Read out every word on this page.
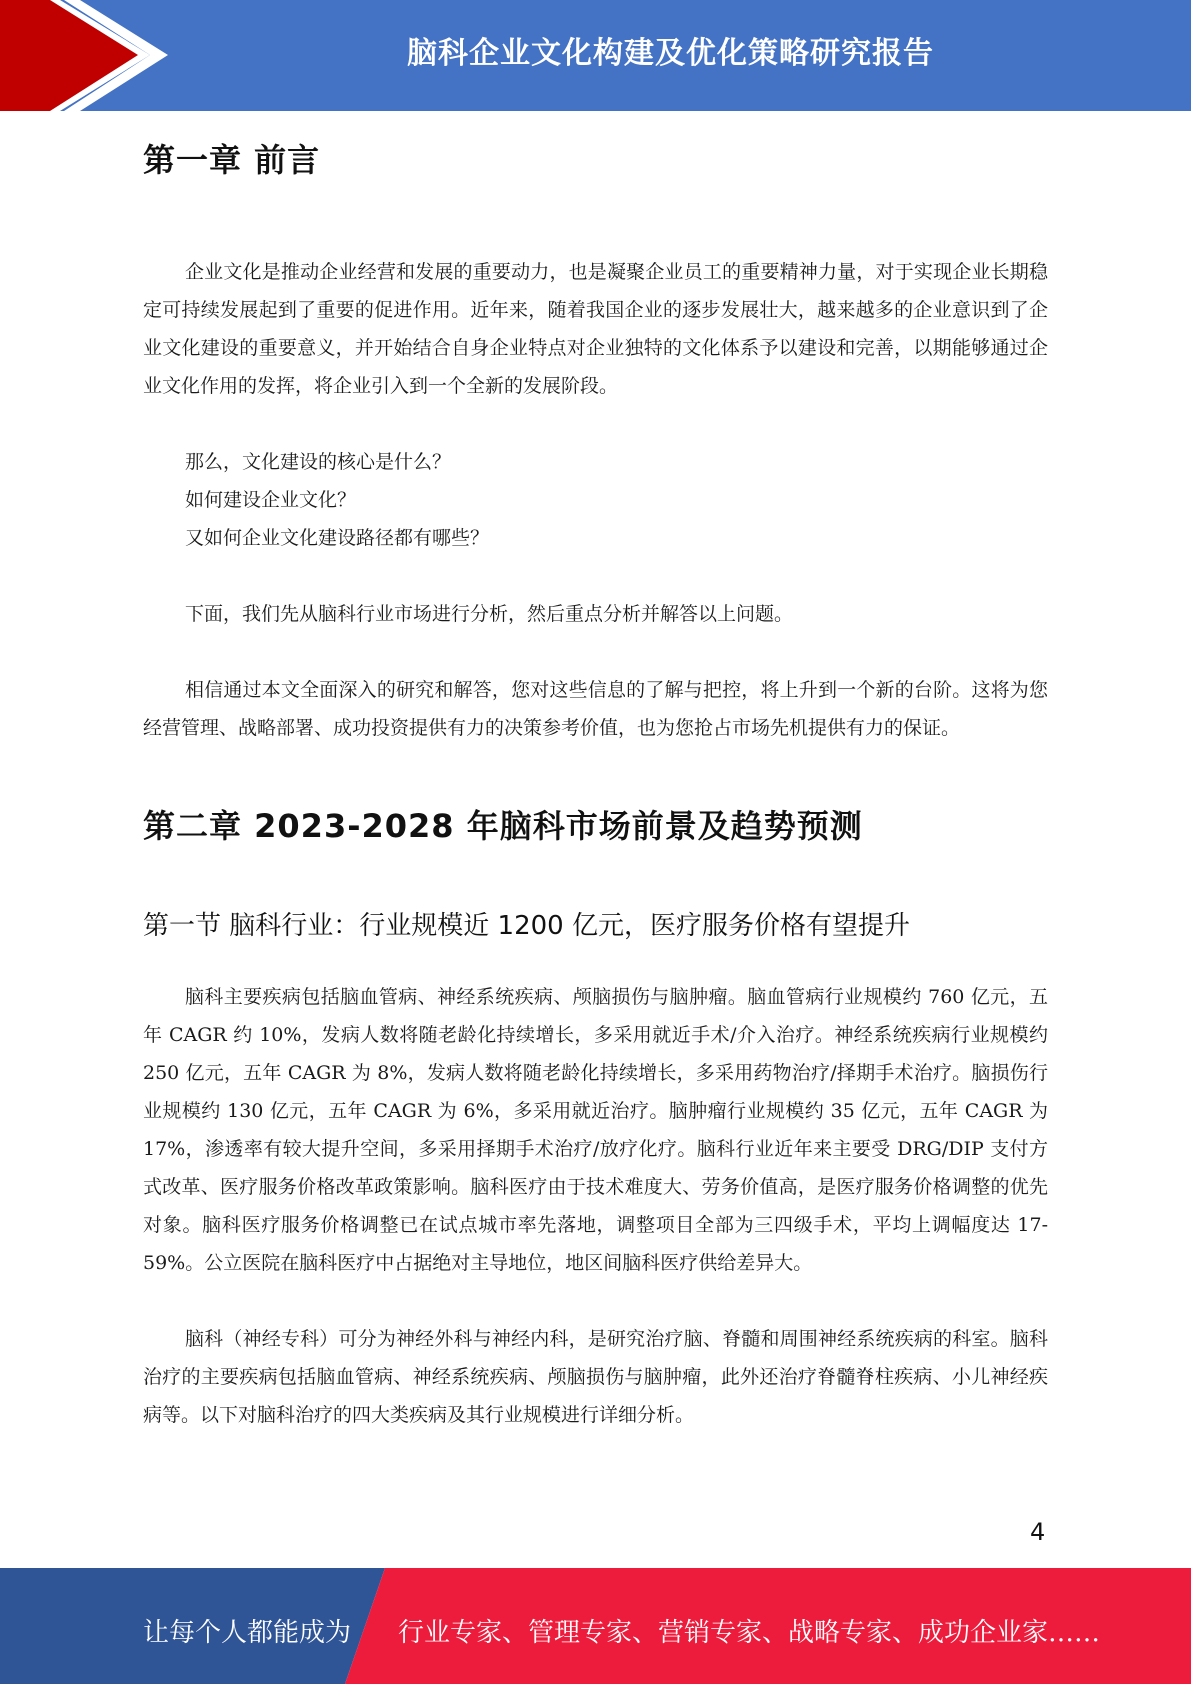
脑科企业文化构建及优化策略研究报告
第一章 前言

企业文化是推动企业经营和发展的重要动力，也是凝聚企业员工的重要精神力量，对于实现企业长期稳定可持续发展起到了重要的促进作用。近年来，随着我国企业的逐步发展壮大，越来越多的企业意识到了企业文化建设的重要意义，并开始结合自身企业特点对企业独特的文化体系予以建设和完善，以期能够通过企业文化作用的发挥，将企业引入到一个全新的发展阶段。

那么，文化建设的核心是什么？

如何建设企业文化？

又如何企业文化建设路径都有哪些？

下面，我们先从脑科行业市场进行分析，然后重点分析并解答以上问题。

相信通过本文全面深入的研究和解答，您对这些信息的了解与把控，将上升到一个新的台阶。这将为您经营管理、战略部署、成功投资提供有力的决策参考价值，也为您抢占市场先机提供有力的保证。

第二章 2023-2028 年脑科市场前景及趋势预测
第一节 脑科行业：行业规模近 1200 亿元，医疗服务价格有望提升

脑科主要疾病包括脑血管病、神经系统疾病、颅脑损伤与脑肿瘤。脑血管病行业规模约 760 亿元，五年 CAGR 约 10%，发病人数将随老龄化持续增长，多采用就近手术/介入治疗。神经系统疾病行业规模约 250 亿元，五年 CAGR 为 8%，发病人数将随老龄化持续增长，多采用药物治疗/择期手术治疗。脑损伤行业规模约 130 亿元，五年 CAGR 为 6%，多采用就近治疗。脑肿瘤行业规模约 35 亿元，五年 CAGR 为 17%，渗透率有较大提升空间，多采用择期手术治疗/放疗化疗。脑科行业近年来主要受 DRG/DIP 支付方式改革、医疗服务价格改革政策影响。脑科医疗由于技术难度大、劳务价值高，是医疗服务价格调整的优先对象。脑科医疗服务价格调整已在试点城市率先落地，调整项目全部为三四级手术，平均上调幅度达 17-59%。公立医院在脑科医疗中占据绝对主导地位，地区间脑科医疗供给差异大。

脑科（神经专科）可分为神经外科与神经内科，是研究治疗脑、脊髓和周围神经系统疾病的科室。脑科治疗的主要疾病包括脑血管病、神经系统疾病、颅脑损伤与脑肿瘤，此外还治疗脊髓脊柱疾病、小儿神经疾病等。以下对脑科治疗的四大类疾病及其行业规模进行详细分析。

4
让每个人都能成为 行业专家、管理专家、营销专家、战略专家、成功企业家……
